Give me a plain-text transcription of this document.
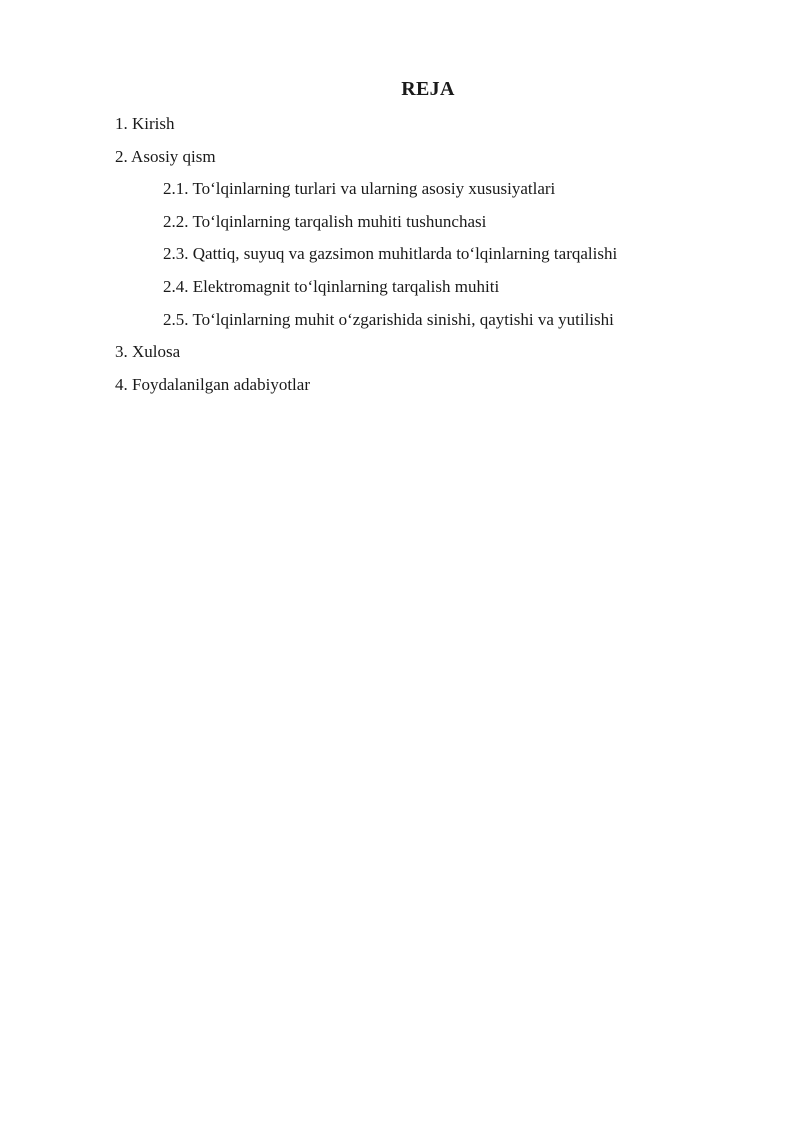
REJA
1. Kirish
2. Asosiy qism
2.1. To‘lqinlarning turlari va ularning asosiy xususiyatlari
2.2. To‘lqinlarning tarqalish muhiti tushunchasi
2.3. Qattiq, suyuq va gazsimon muhitlarda to‘lqinlarning tarqalishi
2.4. Elektromagnit to‘lqinlarning tarqalish muhiti
2.5. To‘lqinlarning muhit o‘zgarishida sinishi, qaytishi va yutilishi
3. Xulosa
4. Foydalanilgan adabiyotlar
